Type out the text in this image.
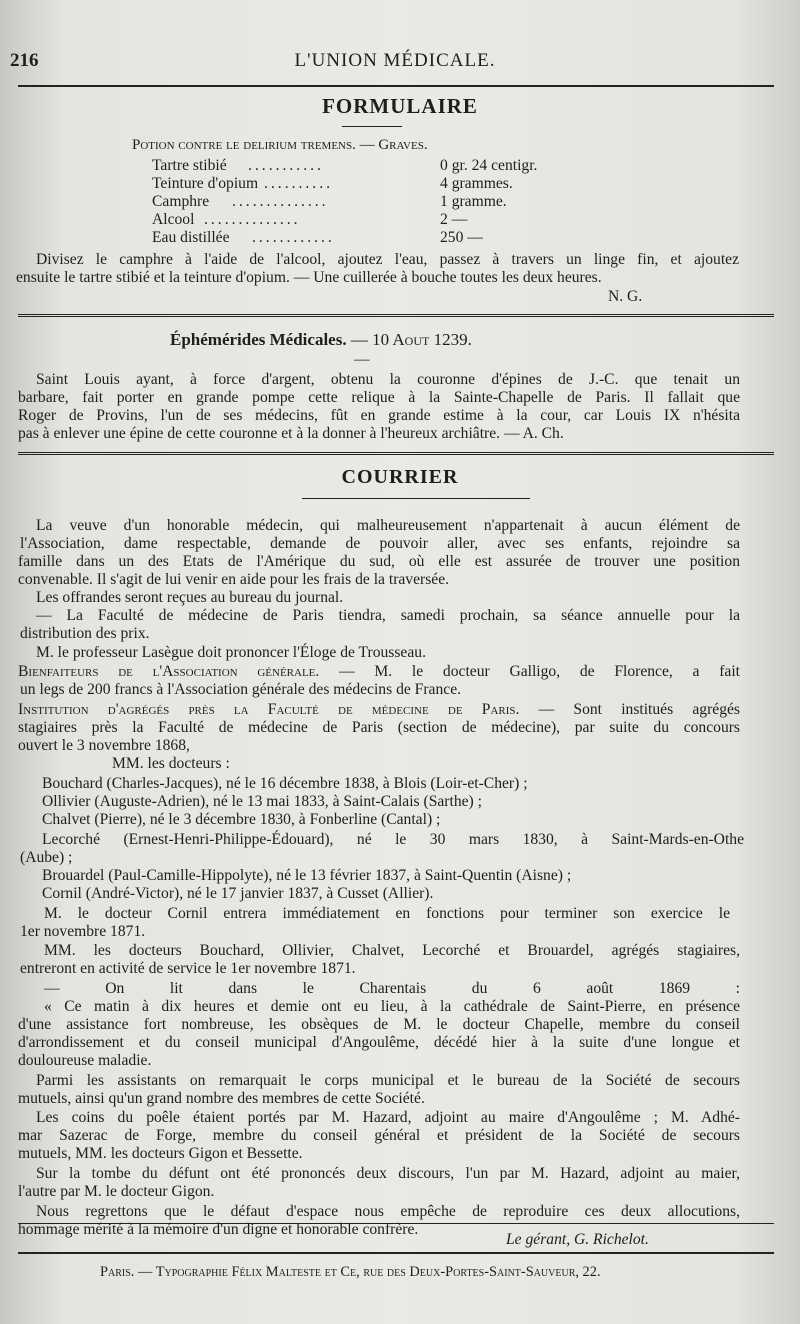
216	L'UNION MÉDICALE.
FORMULAIRE
Potion contre le delirium tremens. — Graves.
Tartre stibié ...........	0 gr. 24 centigr.
Teinture d'opium ..........	4 grammes.
Camphre ..............	1 gramme.
Alcool ..............	2 —
Eau distillée ............	250 —
Divisez le camphre à l'aide de l'alcool, ajoutez l'eau, passez à travers un linge fin, et ajoutez
ensuite le tartre stibié et la teinture d'opium. — Une cuillerée à bouche toutes les deux heures.
N. G.
Éphémérides Médicales. — 10 Aout 1239.
—
Saint Louis ayant, à force d'argent, obtenu la couronne d'épines de J.-C. que tenait un
barbare, fait porter en grande pompe cette relique à la Sainte-Chapelle de Paris. Il fallait que
Roger de Provins, l'un de ses médecins, fût en grande estime à la cour, car Louis IX n'hésita
pas à enlever une épine de cette couronne et à la donner à l'heureux archiâtre. — A. Ch.
COURRIER
La veuve d'un honorable médecin, qui malheureusement n'appartenait à aucun élément de
l'Association, dame respectable, demande de pouvoir aller, avec ses enfants, rejoindre sa
famille dans un des Etats de l'Amérique du sud, où elle est assurée de trouver une position
convenable. Il s'agit de lui venir en aide pour les frais de la traversée.
Les offrandes seront reçues au bureau du journal.
— La Faculté de médecine de Paris tiendra, samedi prochain, sa séance annuelle pour la
distribution des prix.
M. le professeur Lasègue doit prononcer l'Éloge de Trousseau.
Bienfaiteurs de l'Association générale. — M. le docteur Galligo, de Florence, a fait
un legs de 200 francs à l'Association générale des médecins de France.
Institution d'agrégés près la Faculté de médecine de Paris. — Sont institués agrégés
stagiaires près la Faculté de médecine de Paris (section de médecine), par suite du concours
ouvert le 3 novembre 1868,
MM. les docteurs :
Bouchard (Charles-Jacques), né le 16 décembre 1838, à Blois (Loir-et-Cher) ;
Ollivier (Auguste-Adrien), né le 13 mai 1833, à Saint-Calais (Sarthe) ;
Chalvet (Pierre), né le 3 décembre 1830, à Fonberline (Cantal) ;
Lecorché (Ernest-Henri-Philippe-Édouard), né le 30 mars 1830, à Saint-Mards-en-Othe
(Aube) ;
Brouardel (Paul-Camille-Hippolyte), né le 13 février 1837, à Saint-Quentin (Aisne) ;
Cornil (André-Victor), né le 17 janvier 1837, à Cusset (Allier).
M. le docteur Cornil entrera immédiatement en fonctions pour terminer son exercice le
1er novembre 1871.
MM. les docteurs Bouchard, Ollivier, Chalvet, Lecorché et Brouardel, agrégés stagiaires,
entreront en activité de service le 1er novembre 1871.
— On lit dans le Charentais du 6 août 1869 :
« Ce matin à dix heures et demie ont eu lieu, à la cathédrale de Saint-Pierre, en présence
d'une assistance fort nombreuse, les obsèques de M. le docteur Chapelle, membre du conseil
d'arrondissement et du conseil municipal d'Angoulême, décédé hier à la suite d'une longue et
douloureuse maladie.
Parmi les assistants on remarquait le corps municipal et le bureau de la Société de secours
mutuels, ainsi qu'un grand nombre des membres de cette Société.
Les coins du poêle étaient portés par M. Hazard, adjoint au maire d'Angoulême ; M. Adhé-
mar Sazerac de Forge, membre du conseil général et président de la Société de secours
mutuels, MM. les docteurs Gigon et Bessette.
Sur la tombe du défunt ont été prononcés deux discours, l'un par M. Hazard, adjoint au maier,
l'autre par M. le docteur Gigon.
Nous regrettons que le défaut d'espace nous empêche de reproduire ces deux allocutions,
hommage mérité à la mémoire d'un digne et honorable confrère.
Le gérant, G. Richelot.
Paris. — Typographie Félix Malteste et Ce, rue des Deux-Portes-Saint-Sauveur, 22.
